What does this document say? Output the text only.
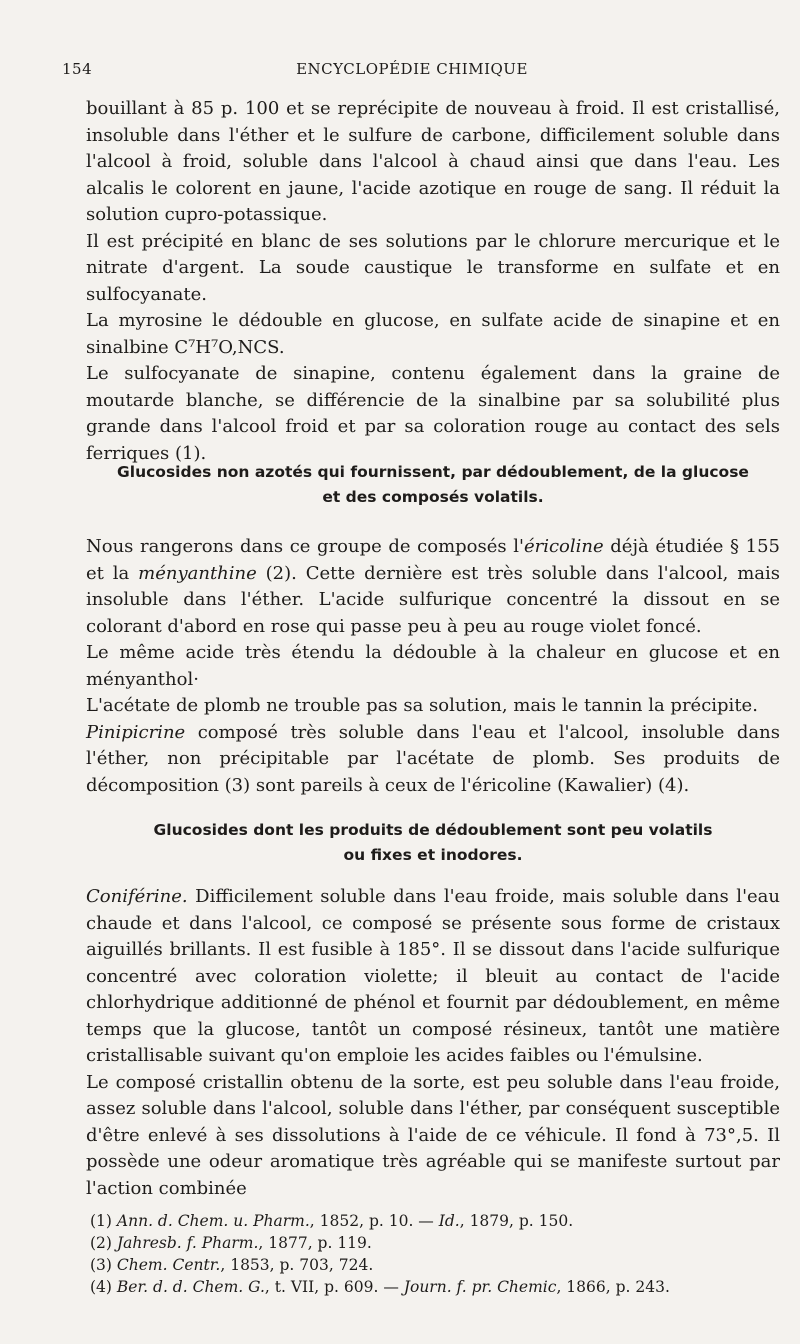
154	ENCYCLOPÉDIE CHIMIQUE

bouillant à 85 p. 100 et se reprécipite de nouveau à froid. Il est cristallisé, insoluble dans l'éther et le sulfure de carbone, difficilement soluble dans l'alcool à froid, soluble dans l'alcool à chaud ainsi que dans l'eau. Les alcalis le colorent en jaune, l'acide azotique en rouge de sang. Il réduit la solution cupro-potassique.

Il est précipité en blanc de ses solutions par le chlorure mercurique et le nitrate d'argent. La soude caustique le transforme en sulfate et en sulfocyanate.

La myrosine le dédouble en glucose, en sulfate acide de sinapine et en sinalbine C⁷H⁷O,NCS.

Le sulfocyanate de sinapine, contenu également dans la graine de moutarde blanche, se différencie de la sinalbine par sa solubilité plus grande dans l'alcool froid et par sa coloration rouge au contact des sels ferriques (1).

Glucosides non azotés qui fournissent, par dédoublement, de la glucose
et des composés volatils.

Nous rangerons dans ce groupe de composés l'éricoline déjà étudiée § 155 et la ményanthine (2). Cette dernière est très soluble dans l'alcool, mais insoluble dans l'éther. L'acide sulfurique concentré la dissout en se colorant d'abord en rose qui passe peu à peu au rouge violet foncé.

Le même acide très étendu la dédouble à la chaleur en glucose et en ményanthol·

L'acétate de plomb ne trouble pas sa solution, mais le tannin la précipite.

Pinipicrine composé très soluble dans l'eau et l'alcool, insoluble dans l'éther, non précipitable par l'acétate de plomb. Ses produits de décomposition (3) sont pareils à ceux de l'éricoline (Kawalier) (4).

Glucosides dont les produits de dédoublement sont peu volatils
ou fixes et inodores.

Coniférine. Difficilement soluble dans l'eau froide, mais soluble dans l'eau chaude et dans l'alcool, ce composé se présente sous forme de cristaux aiguillés brillants. Il est fusible à 185°. Il se dissout dans l'acide sulfurique concentré avec coloration violette; il bleuit au contact de l'acide chlorhydrique additionné de phénol et fournit par dédoublement, en même temps que la glucose, tantôt un composé résineux, tantôt une matière cristallisable suivant qu'on emploie les acides faibles ou l'émulsine.

Le composé cristallin obtenu de la sorte, est peu soluble dans l'eau froide, assez soluble dans l'alcool, soluble dans l'éther, par conséquent susceptible d'être enlevé à ses dissolutions à l'aide de ce véhicule. Il fond à 73°,5. Il possède une odeur aromatique très agréable qui se manifeste surtout par l'action combinée

(1) Ann. d. Chem. u. Pharm., 1852, p. 10. — Id., 1879, p. 150.
(2) Jahresb. f. Pharm., 1877, p. 119.
(3) Chem. Centr., 1853, p. 703, 724.
(4) Ber. d. d. Chem. G., t. VII, p. 609. — Journ. f. pr. Chemic, 1866, p. 243.
